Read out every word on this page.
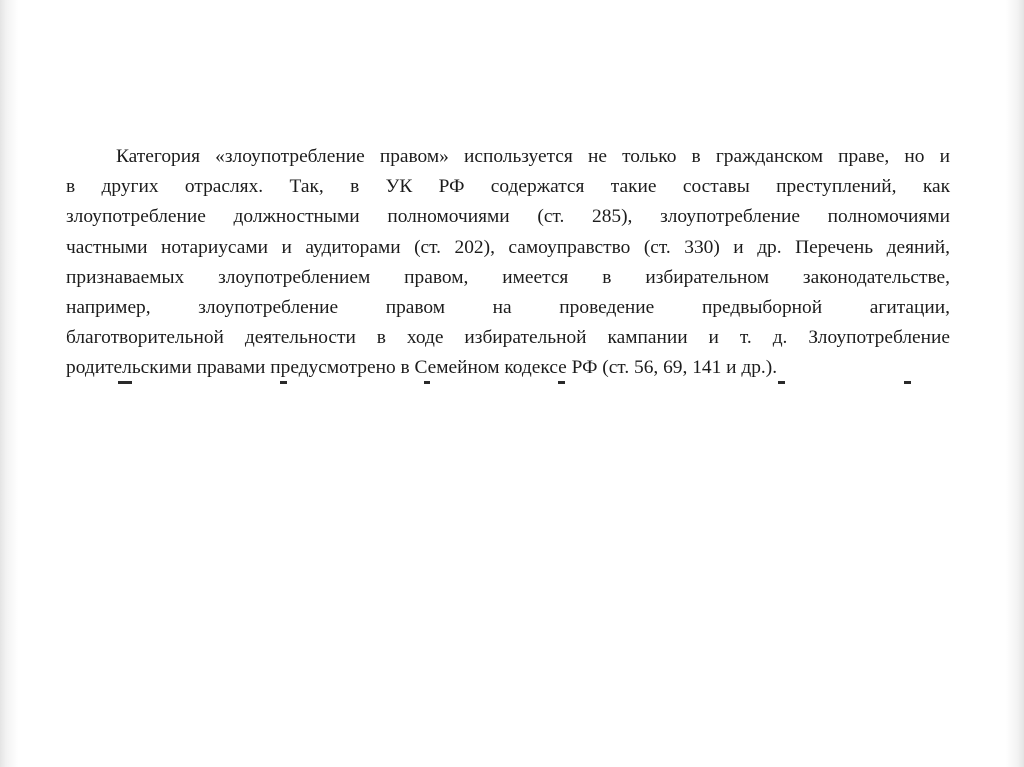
Категория «злоупотребление правом» используется не только в гражданском праве, но и
в других отраслях. Так, в УК РФ содержатся такие составы преступлений, как
злоупотребление должностными полномочиями (ст. 285), злоупотребление полномочиями
частными нотариусами и аудиторами (ст. 202), самоуправство (ст. 330) и др. Перечень деяний,
признаваемых злоупотреблением правом, имеется в избирательном законодательстве,
например, злоупотребление правом на проведение предвыборной агитации,
благотворительной деятельности в ходе избирательной кампании и т. д. Злоупотребление
родительскими правами предусмотрено в Семейном кодексе РФ (ст. 56, 69, 141 и др.).
